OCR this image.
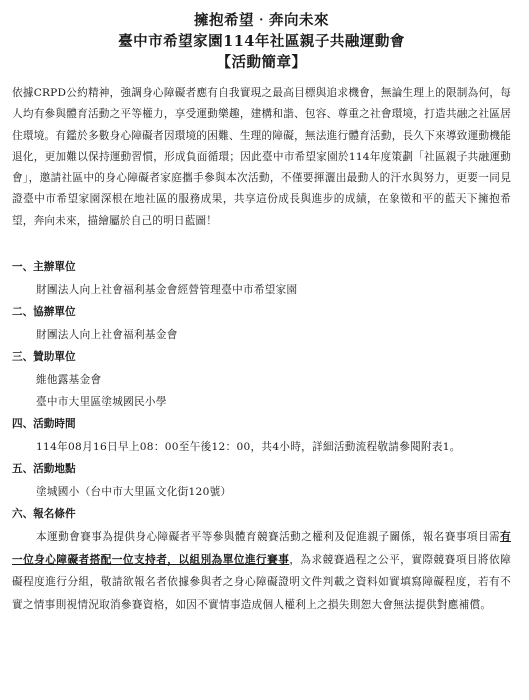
擁抱希望‧奔向未來
臺中市希望家園114年社區親子共融運動會
【活動簡章】
依據CRPD公約精神，強調身心障礙者應有自我實現之最高目標與追求機會，無論生理上的限制為何，每人均有參與體育活動之平等權力，享受運動樂趣，建構和諧、包容、尊重之社會環境，打造共融之社區居住環境。有鑑於多數身心障礙者因環境的困難、生理的障礙，無法進行體育活動，長久下來導致運動機能退化，更加難以保持運動習慣，形成負面循環；因此臺中市希望家園於114年度策劃「社區親子共融運動會」，邀請社區中的身心障礙者家庭攜手參與本次活動，不僅要揮灑出最動人的汗水與努力，更要一同見證臺中市希望家園深根在地社區的服務成果，共享這份成長與進步的成績，在象徵和平的藍天下擁抱希望，奔向未來，描繪屬於自己的明日藍圖！
一、主辦單位
財團法人向上社會福利基金會經營管理臺中市希望家園
二、協辦單位
財團法人向上社會福利基金會
三、贊助單位
維他露基金會
臺中市大里區塗城國民小學
四、活動時間
114年08月16日早上08：00至午後12：00，共4小時，詳細活動流程敬請參閱附表1。
五、活動地點
塗城國小（台中市大里區文化街120號）
六、報名條件
本運動會賽事為提供身心障礙者平等參與體育競賽活動之權利及促進親子關係，報名賽事項目需有一位身心障礙者搭配一位支持者，以組別為單位進行賽事，為求競賽過程之公平，實際競賽項目將依障礙程度進行分組，敬請欲報名者依據參與者之身心障礙證明文件判載之資料如實填寫障礙程度，若有不實之情事則視情況取消參賽資格，如因不實情事造成個人權利上之損失則恕大會無法提供對應補償。
